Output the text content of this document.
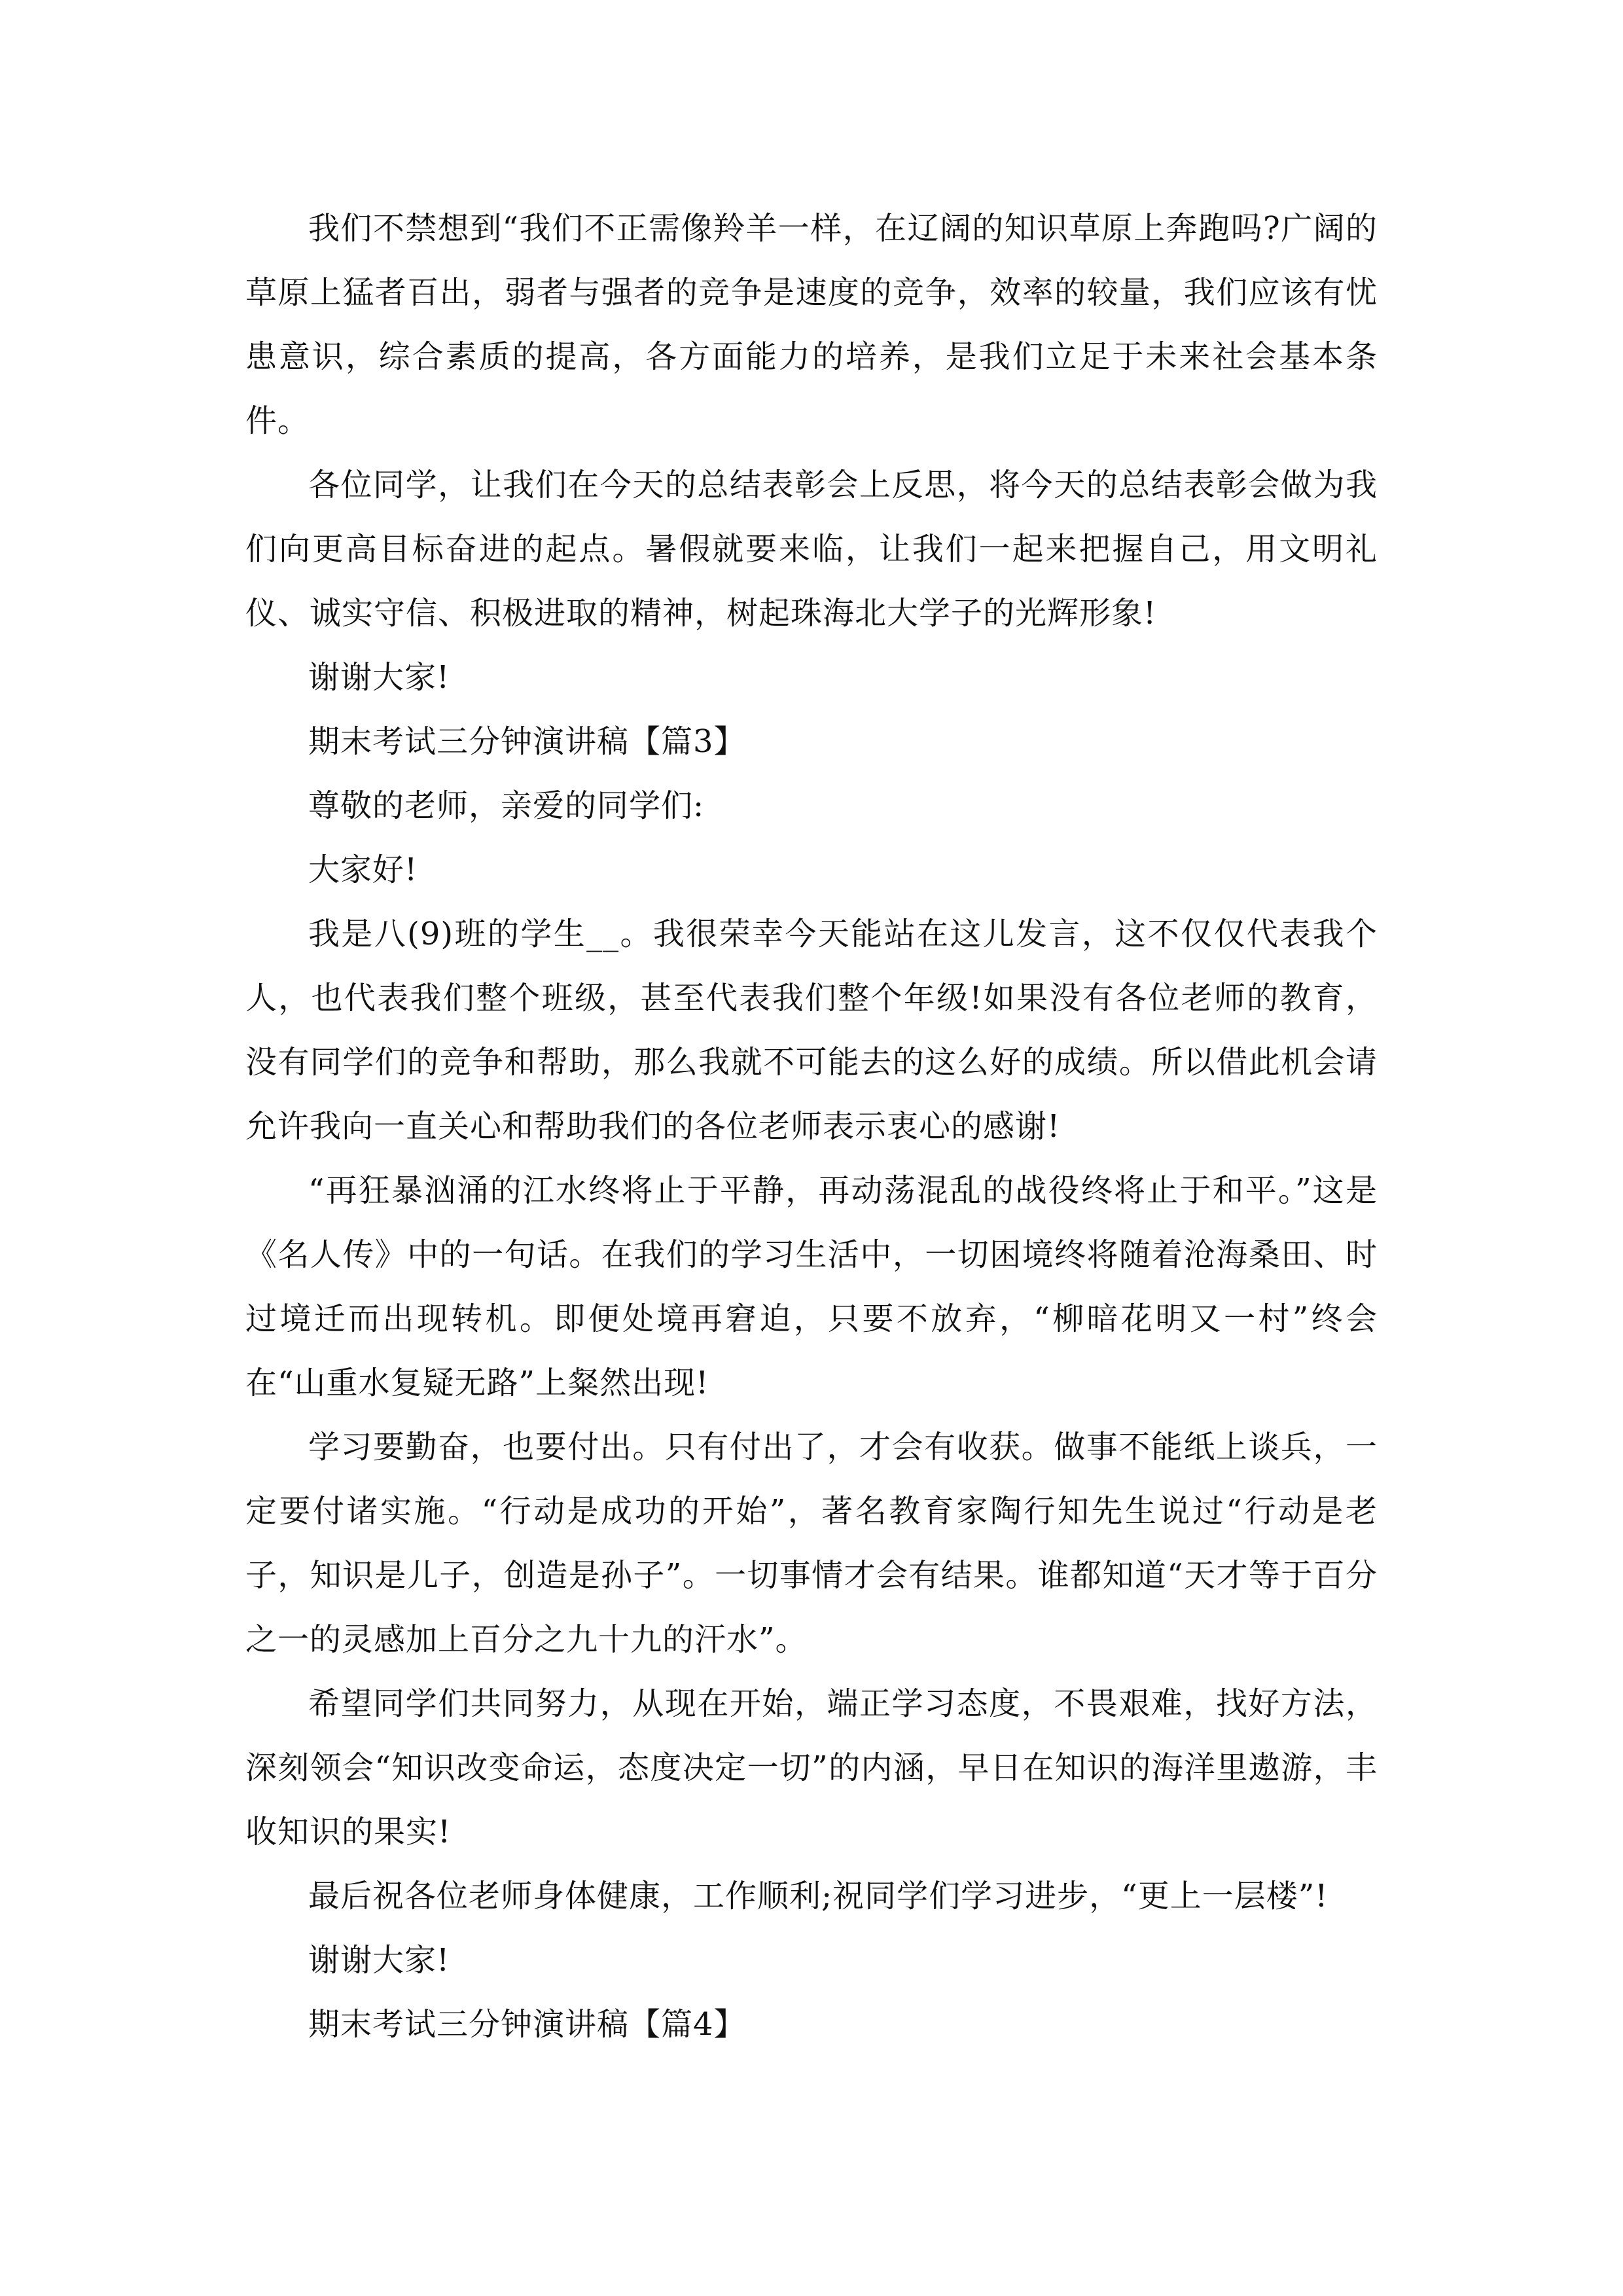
我们不禁想到“我们不正需像羚羊一样，在辽阔的知识草原上奔跑吗?广阔的草原上猛者百出，弱者与强者的竞争是速度的竞争，效率的较量，我们应该有忧患意识，综合素质的提高，各方面能力的培养，是我们立足于未来社会基本条件。

各位同学，让我们在今天的总结表彰会上反思，将今天的总结表彰会做为我们向更高目标奋进的起点。暑假就要来临，让我们一起来把握自己，用文明礼仪、诚实守信、积极进取的精神，树起珠海北大学子的光辉形象!

谢谢大家!

期末考试三分钟演讲稿【篇3】

尊敬的老师，亲爱的同学们:

大家好!

我是八(9)班的学生__。我很荣幸今天能站在这儿发言，这不仅仅代表我个人，也代表我们整个班级，甚至代表我们整个年级!如果没有各位老师的教育，没有同学们的竞争和帮助，那么我就不可能去的这么好的成绩。所以借此机会请允许我向一直关心和帮助我们的各位老师表示衷心的感谢!

“再狂暴汹涌的江水终将止于平静，再动荡混乱的战役终将止于和平。”这是《名人传》中的一句话。在我们的学习生活中，一切困境终将随着沧海桑田、时过境迁而出现转机。即便处境再窘迫，只要不放弃，“柳暗花明又一村”终会在“山重水复疑无路”上粲然出现!

学习要勤奋，也要付出。只有付出了，才会有收获。做事不能纸上谈兵，一定要付诸实施。“行动是成功的开始”，著名教育家陶行知先生说过“行动是老子，知识是儿子，创造是孙子”。一切事情才会有结果。谁都知道“天才等于百分之一的灵感加上百分之九十九的汗水”。

希望同学们共同努力，从现在开始，端正学习态度，不畏艰难，找好方法，深刻领会“知识改变命运，态度决定一切”的内涵，早日在知识的海洋里遨游，丰收知识的果实!

最后祝各位老师身体健康，工作顺利;祝同学们学习进步，“更上一层楼”!

谢谢大家!

期末考试三分钟演讲稿【篇4】
